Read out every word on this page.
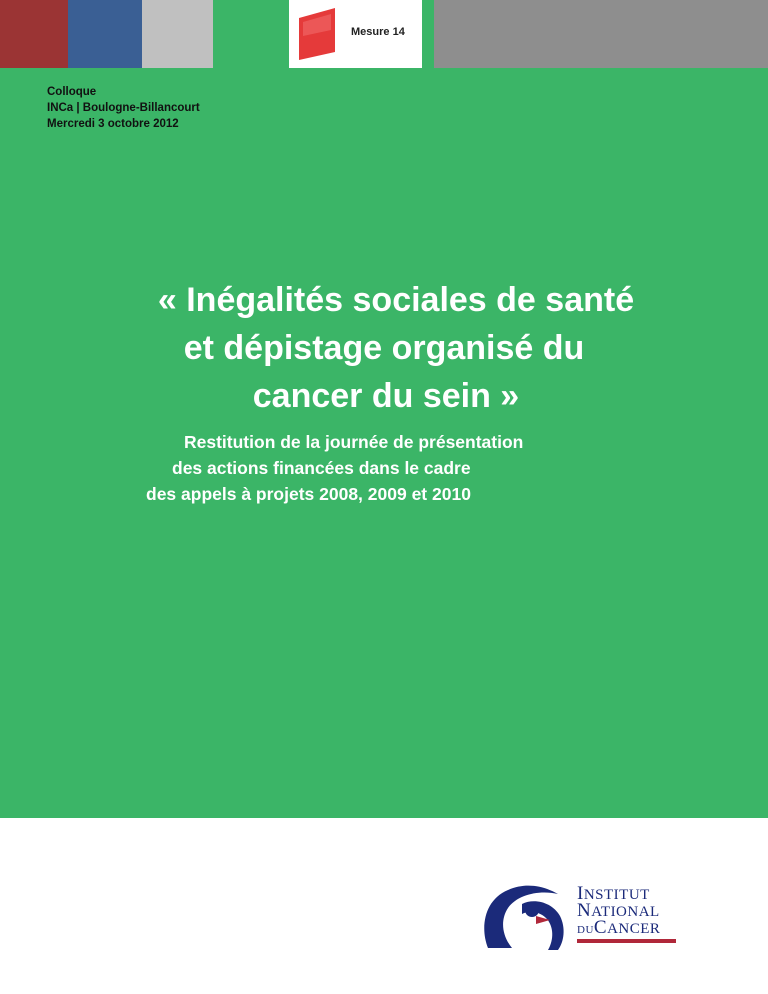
Mesure 14
Colloque
INCa | Boulogne-Billancourt
Mercredi 3 octobre 2012
« Inégalités sociales de santé
et dépistage organisé du
cancer du sein »
Restitution de la journée de présentation
des actions financées dans le cadre
des appels à projets 2008, 2009 et 2010
INSTITUT
NATIONAL
DUCANCER
